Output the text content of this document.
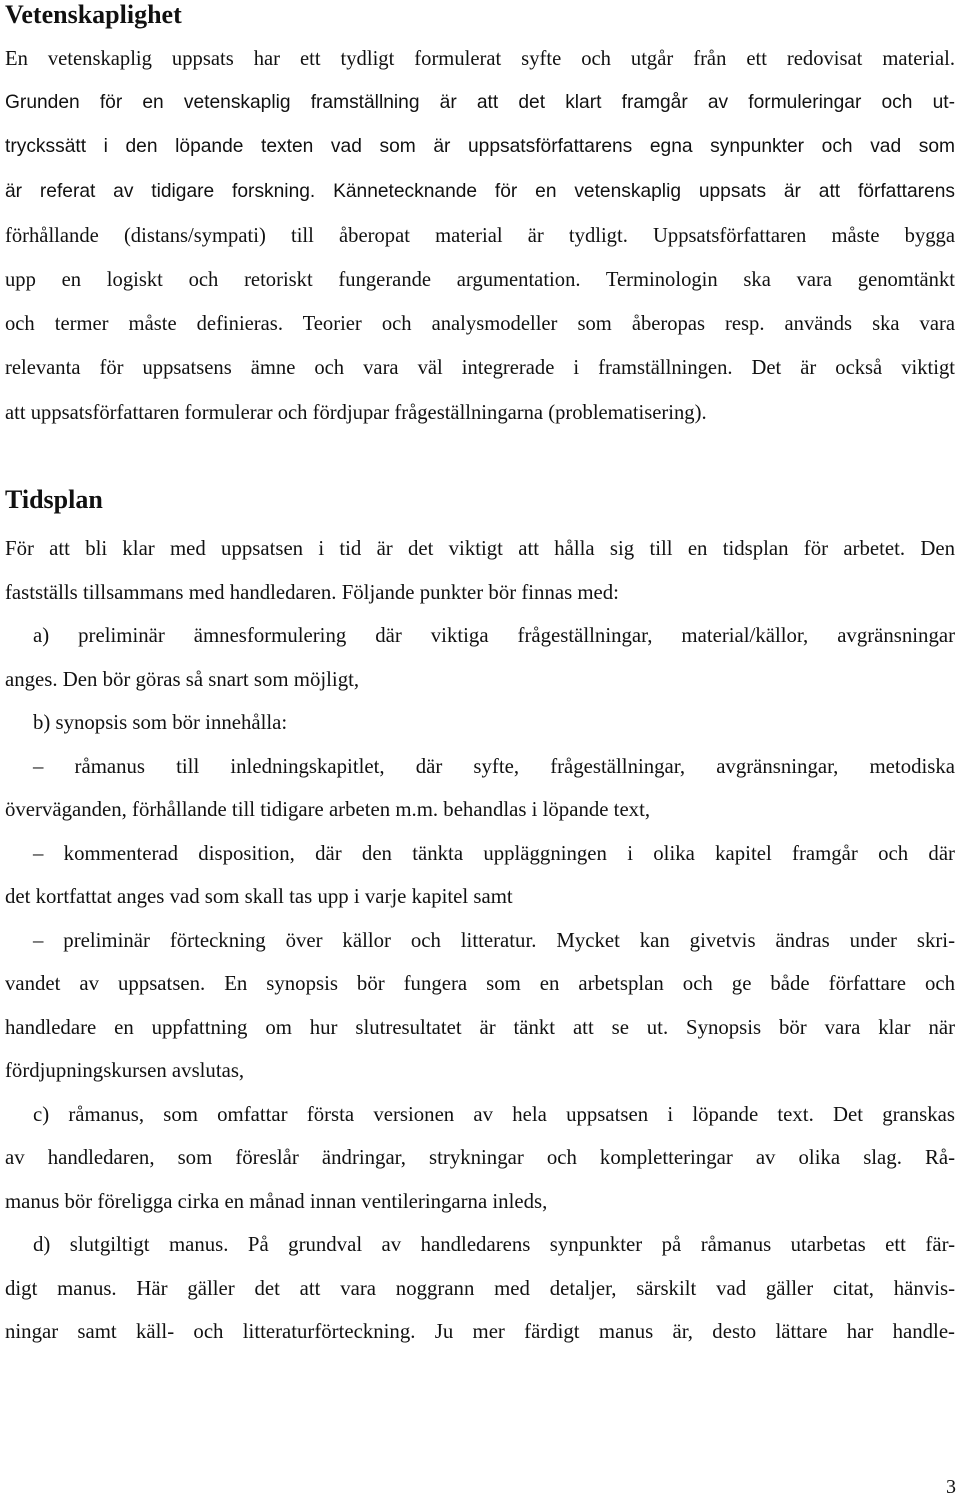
Vetenskaplighet
En vetenskaplig uppsats har ett tydligt formulerat syfte och utgår från ett redovisat material.
Grunden för en vetenskaplig framställning är att det klart framgår av formuleringar och ut-
tryckssätt i den löpande texten vad som är uppsatsförfattarens egna synpunkter och vad som
är referat av tidigare forskning. Kännetecknande för en vetenskaplig uppsats är att författarens
förhållande (distans/sympati) till åberopat material är tydligt. Uppsatsförfattaren måste bygga
upp en logiskt och retoriskt fungerande argumentation. Terminologin ska vara genomtänkt
och termer måste definieras. Teorier och analysmodeller som åberopas resp. används ska vara
relevanta för uppsatsens ämne och vara väl integrerade i framställningen. Det är också viktigt
att uppsatsförfattaren formulerar och fördjupar frågeställningarna (problematisering).
Tidsplan
För att bli klar med uppsatsen i tid är det viktigt att hålla sig till en tidsplan för arbetet. Den
fastställs tillsammans med handledaren. Följande punkter bör finnas med:
a) preliminär ämnesformulering där viktiga frågeställningar, material/källor, avgränsningar
anges. Den bör göras så snart som möjligt,
b) synopsis som bör innehålla:
– råmanus till inledningskapitlet, där syfte, frågeställningar, avgränsningar, metodiska
överväganden, förhållande till tidigare arbeten m.m. behandlas i löpande text,
– kommenterad disposition, där den tänkta uppläggningen i olika kapitel framgår och där
det kortfattat anges vad som skall tas upp i varje kapitel samt
– preliminär förteckning över källor och litteratur. Mycket kan givetvis ändras under skri-
vandet av uppsatsen. En synopsis bör fungera som en arbetsplan och ge både författare och
handledare en uppfattning om hur slutresultatet är tänkt att se ut. Synopsis bör vara klar när
fördjupningskursen avslutas,
c) råmanus, som omfattar första versionen av hela uppsatsen i löpande text. Det granskas
av handledaren, som föreslår ändringar, strykningar och kompletteringar av olika slag. Rå-
manus bör föreligga cirka en månad innan ventileringarna inleds,
d) slutgiltigt manus. På grundval av handledarens synpunkter på råmanus utarbetas ett fär-
digt manus. Här gäller det att vara noggrann med detaljer, särskilt vad gäller citat, hänvis-
ningar samt käll- och litteraturförteckning. Ju mer färdigt manus är, desto lättare har handle-
3
